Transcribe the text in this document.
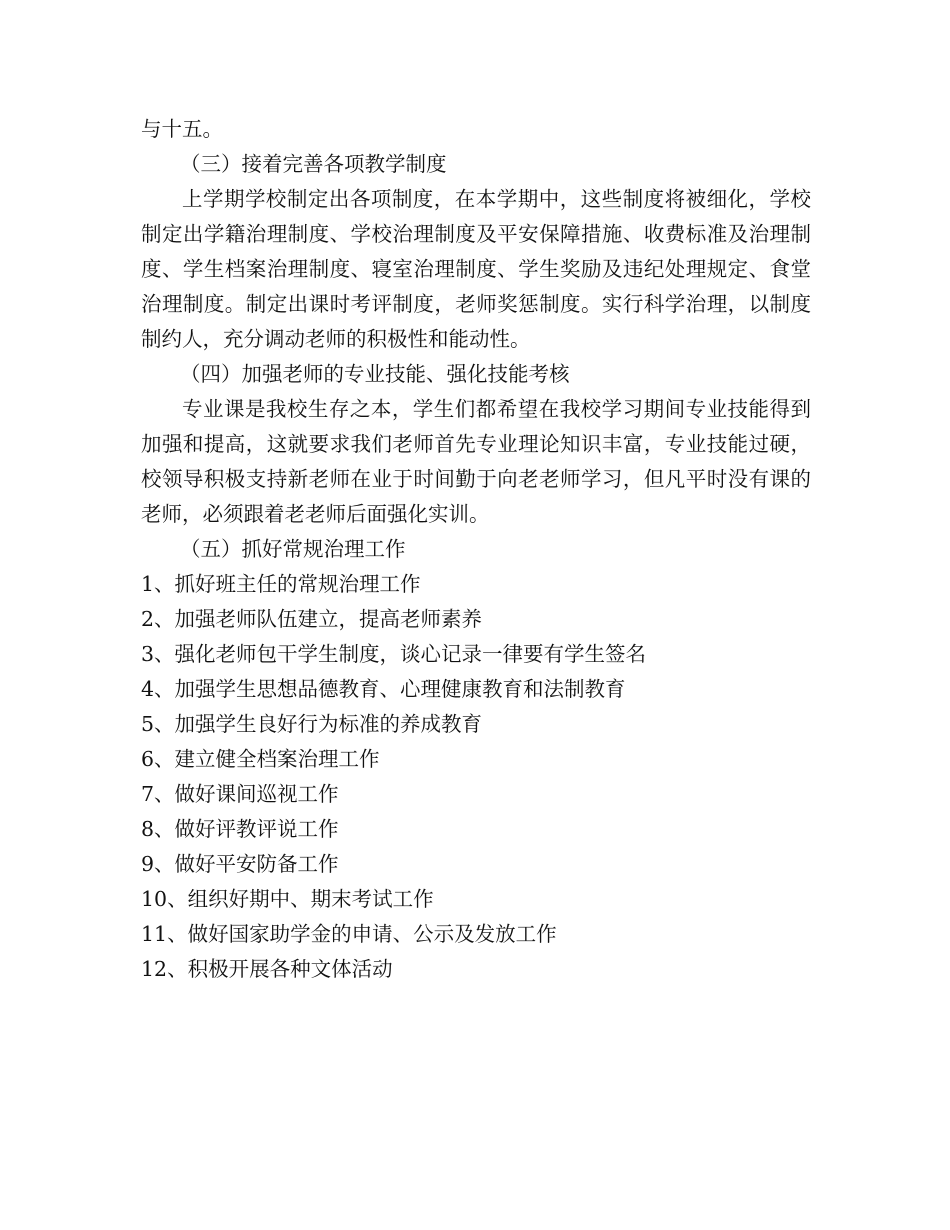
与十五。

（三）接着完善各项教学制度

上学期学校制定出各项制度，在本学期中，这些制度将被细化，学校制定出学籍治理制度、学校治理制度及平安保障措施、收费标准及治理制度、学生档案治理制度、寝室治理制度、学生奖励及违纪处理规定、食堂治理制度。制定出课时考评制度，老师奖惩制度。实行科学治理，以制度制约人，充分调动老师的积极性和能动性。

（四）加强老师的专业技能、强化技能考核

专业课是我校生存之本，学生们都希望在我校学习期间专业技能得到加强和提高，这就要求我们老师首先专业理论知识丰富，专业技能过硬，校领导积极支持新老师在业于时间勤于向老老师学习，但凡平时没有课的老师，必须跟着老老师后面强化实训。

（五）抓好常规治理工作

1、抓好班主任的常规治理工作

2、加强老师队伍建立，提高老师素养

3、强化老师包干学生制度，谈心记录一律要有学生签名

4、加强学生思想品德教育、心理健康教育和法制教育

5、加强学生良好行为标准的养成教育

6、建立健全档案治理工作

7、做好课间巡视工作

8、做好评教评说工作

9、做好平安防备工作

10、组织好期中、期末考试工作

11、做好国家助学金的申请、公示及发放工作

12、积极开展各种文体活动
